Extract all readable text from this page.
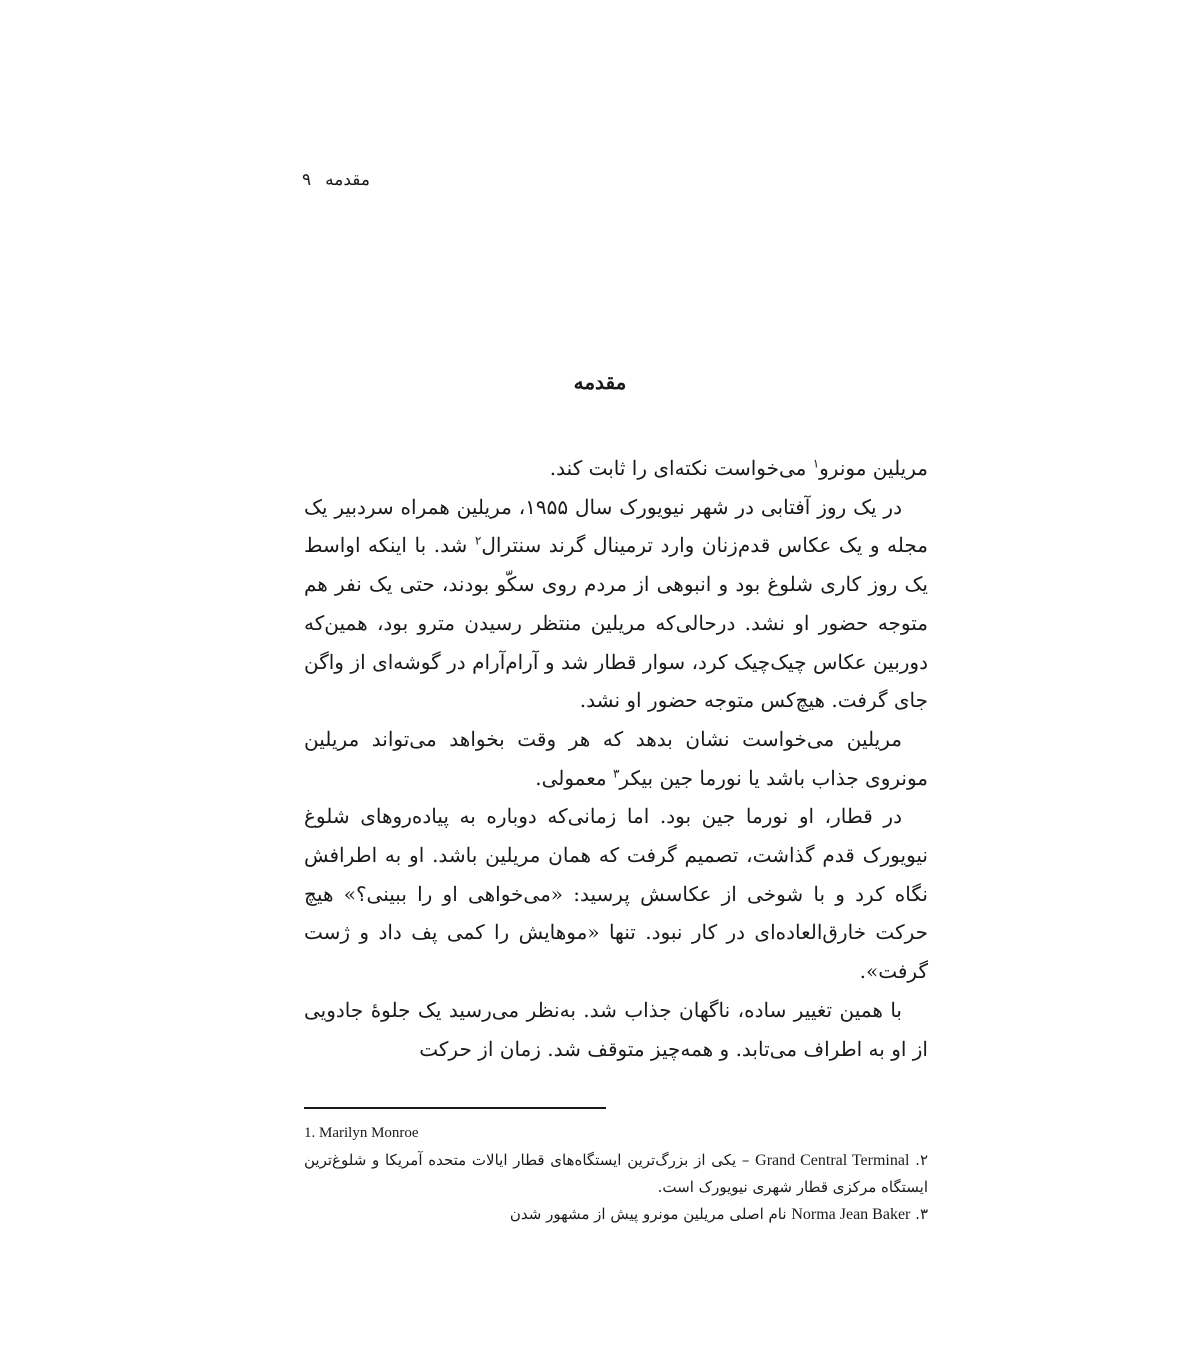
مقدمه۹
مقدمه

مریلین مونرو$^۱$ می‌خواست نکته‌ای را ثابت کند.

در یک روز آفتابی در شهر نیویورک سال ۱۹۵۵، مریلین همراه سردبیر یک مجله و یک عکاس قدم‌زنان وارد ترمینال گرند سنترال$^۲$ شد. با اینکه اواسط یک روز کاری شلوغ بود و انبوهی از مردم روی سکّو بودند، حتی یک نفر هم متوجه حضور او نشد. درحالی‌که مریلین منتظر رسیدن مترو بود، همین‌که دوربین عکاس چیک‌چیک کرد، سوار قطار شد و آرام‌آرام در گوشه‌ای از واگن جای گرفت. هیچ‌کس متوجه حضور او نشد.

مریلین می‌خواست نشان بدهد که هر وقت بخواهد می‌تواند مریلین مونروی جذاب باشد یا نورما جین بیکر$^۳$ معمولی.

در قطار، او نورما جین بود. اما زمانی‌که دوباره به پیاده‌روهای شلوغ نیویورک قدم گذاشت، تصمیم گرفت که همان مریلین باشد. او به اطرافش نگاه کرد و با شوخی از عکاسش پرسید: «می‌خواهی او را ببینی؟» هیچ حرکت خارق‌العاده‌ای در کار نبود. تنها «موهایش را کمی پف داد و ژست گرفت».

با همین تغییر ساده، ناگهان جذاب شد. به‌نظر می‌رسید یک جلوهٔ جادویی از او به اطراف می‌تابد. و همه‌چیز متوقف شد. زمان از حرکت

1. Marilyn Monroe
۲. Grand Central Terminal – یکی از بزرگ‌ترین ایستگاه‌های قطار ایالات متحده آمریکا و شلوغ‌ترین ایستگاه مرکزی قطار شهری نیویورک است.
۳. Norma Jean Baker نام اصلی مریلین مونرو پیش از مشهور شدن
